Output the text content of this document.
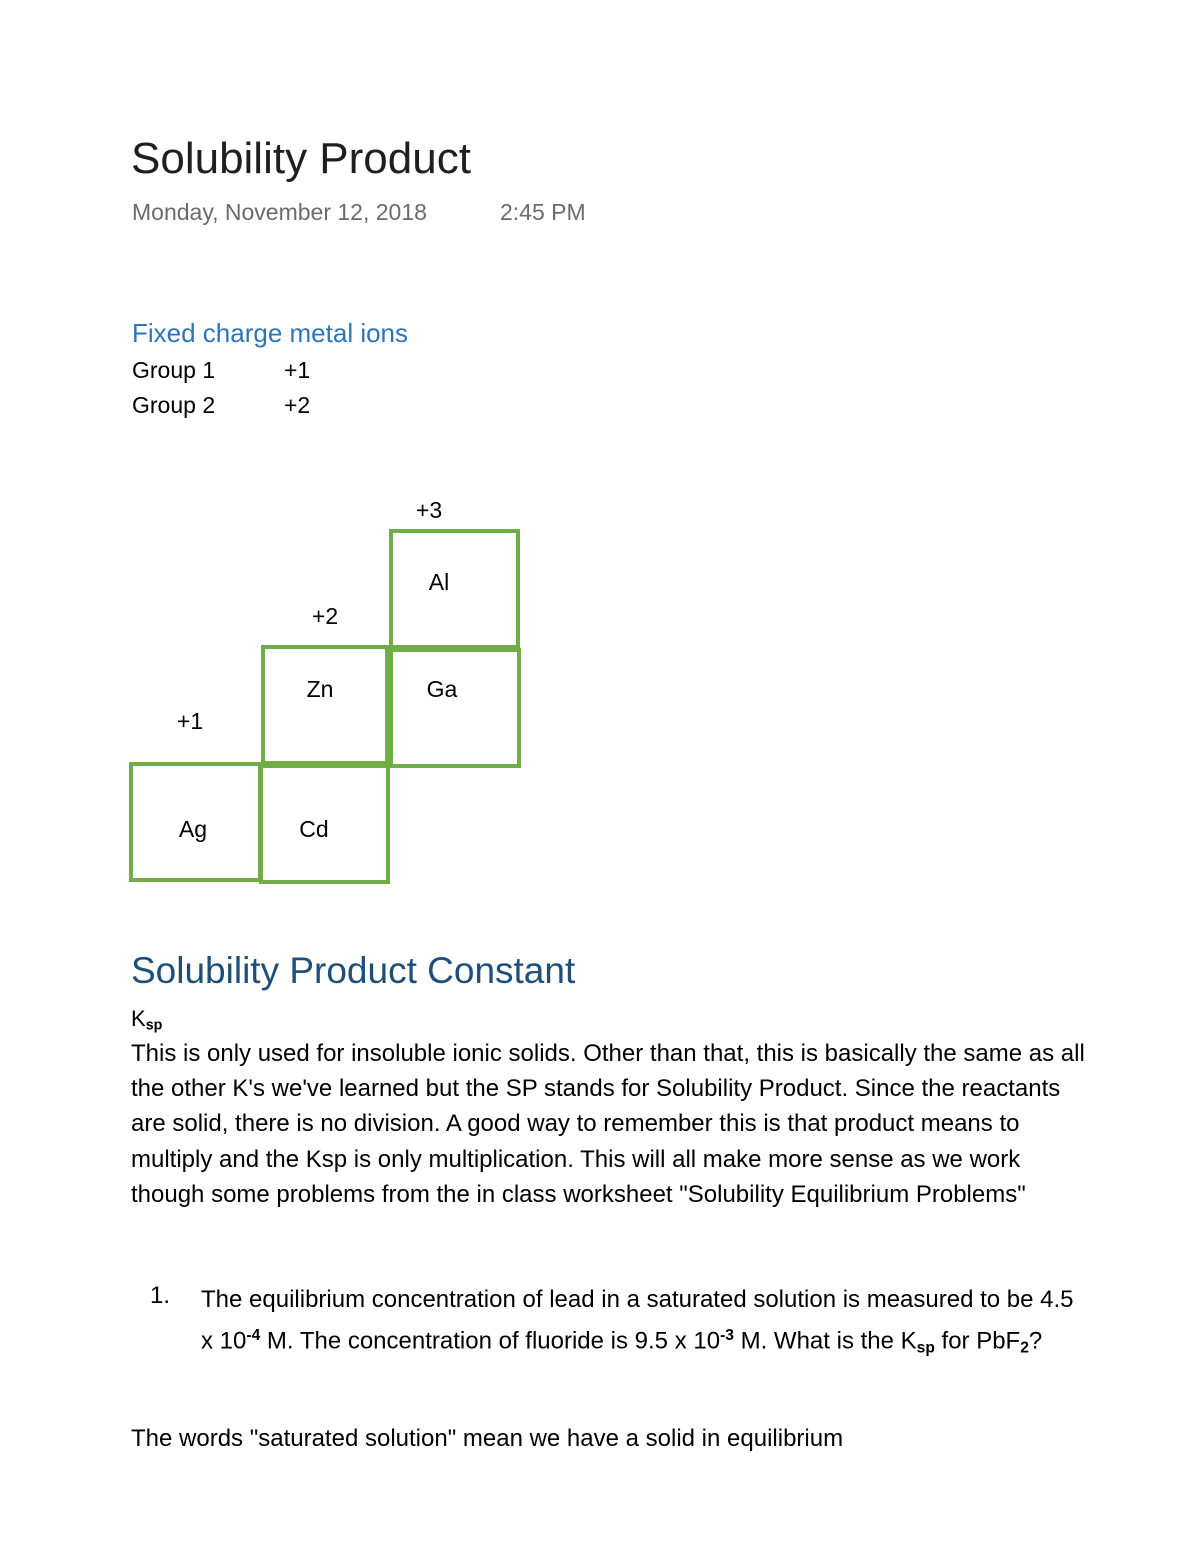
Solubility Product
Monday, November 12, 2018	2:45 PM
Fixed charge metal ions
Group 1	+1
Group 2	+2
+3
+2
+1
Al
Zn	Ga
Ag	Cd
Solubility Product Constant
$K_{sp}$
This is only used for insoluble ionic solids. Other than that, this is basically the same as all the other K's we've learned but the SP stands for Solubility Product. Since the reactants are solid, there is no division. A good way to remember this is that product means to multiply and the Ksp is only multiplication. This will all make more sense as we work though some problems from the in class worksheet "Solubility Equilibrium Problems"
1. The equilibrium concentration of lead in a saturated solution is measured to be 4.5 x $10^{-4}$ M. The concentration of fluoride is 9.5 x $10^{-3}$ M. What is the $K_{sp}$ for PbF$_2$?
The words "saturated solution" mean we have a solid in equilibrium
